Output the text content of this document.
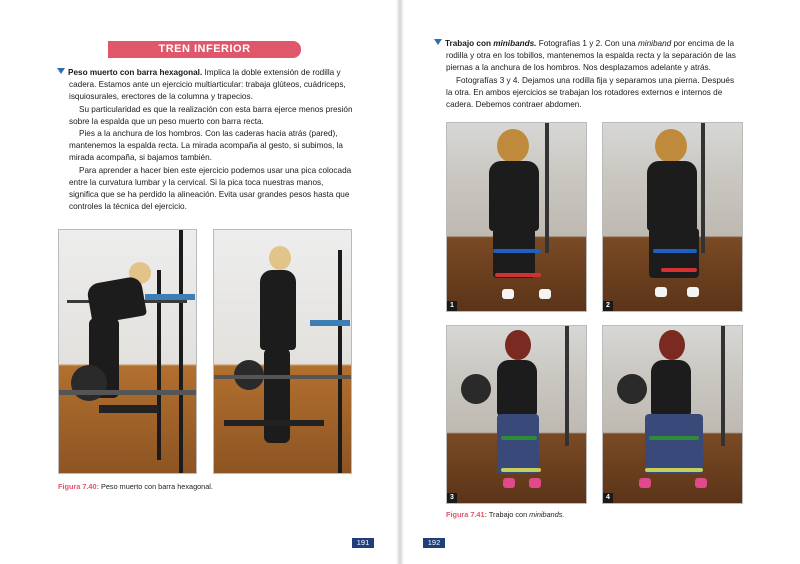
TREN INFERIOR

Peso muerto con barra hexagonal. Implica la doble extensión de rodilla y cadera. Estamos ante un ejercicio multiarticular: trabaja glúteos, cuádriceps, isquiosurales, erectores de la columna y trapecios.

Su particularidad es que la realización con esta barra ejerce menos presión sobre la espalda que un peso muerto con barra recta.

Pies a la anchura de los hombros. Con las caderas hacia atrás (pared), mantenemos la espalda recta. La mirada acompaña al gesto, si subimos, la mirada acompaña, si bajamos también.

Para aprender a hacer bien este ejercicio podemos usar una pica colocada entre la curvatura lumbar y la cervical. Si la pica toca nuestras manos, significa que se ha perdido la alineación. Evita usar grandes pesos hasta que controles la técnica del ejercicio.

Figura 7.40: Peso muerto con barra hexagonal.
191

Trabajo con minibands. Fotografías 1 y 2. Con una miniband por encima de la rodilla y otra en los tobillos, mantenemos la espalda recta y la separación de las piernas a la anchura de los hombros. Nos desplazamos adelante y atrás.

Fotografías 3 y 4. Dejamos una rodilla fija y separamos una pierna. Después la otra. En ambos ejercicios se trabajan los rotadores externos e internos de cadera. Debemos contraer abdomen.

1	2
3	4
Figura 7.41: Trabajo con minibands.
192
